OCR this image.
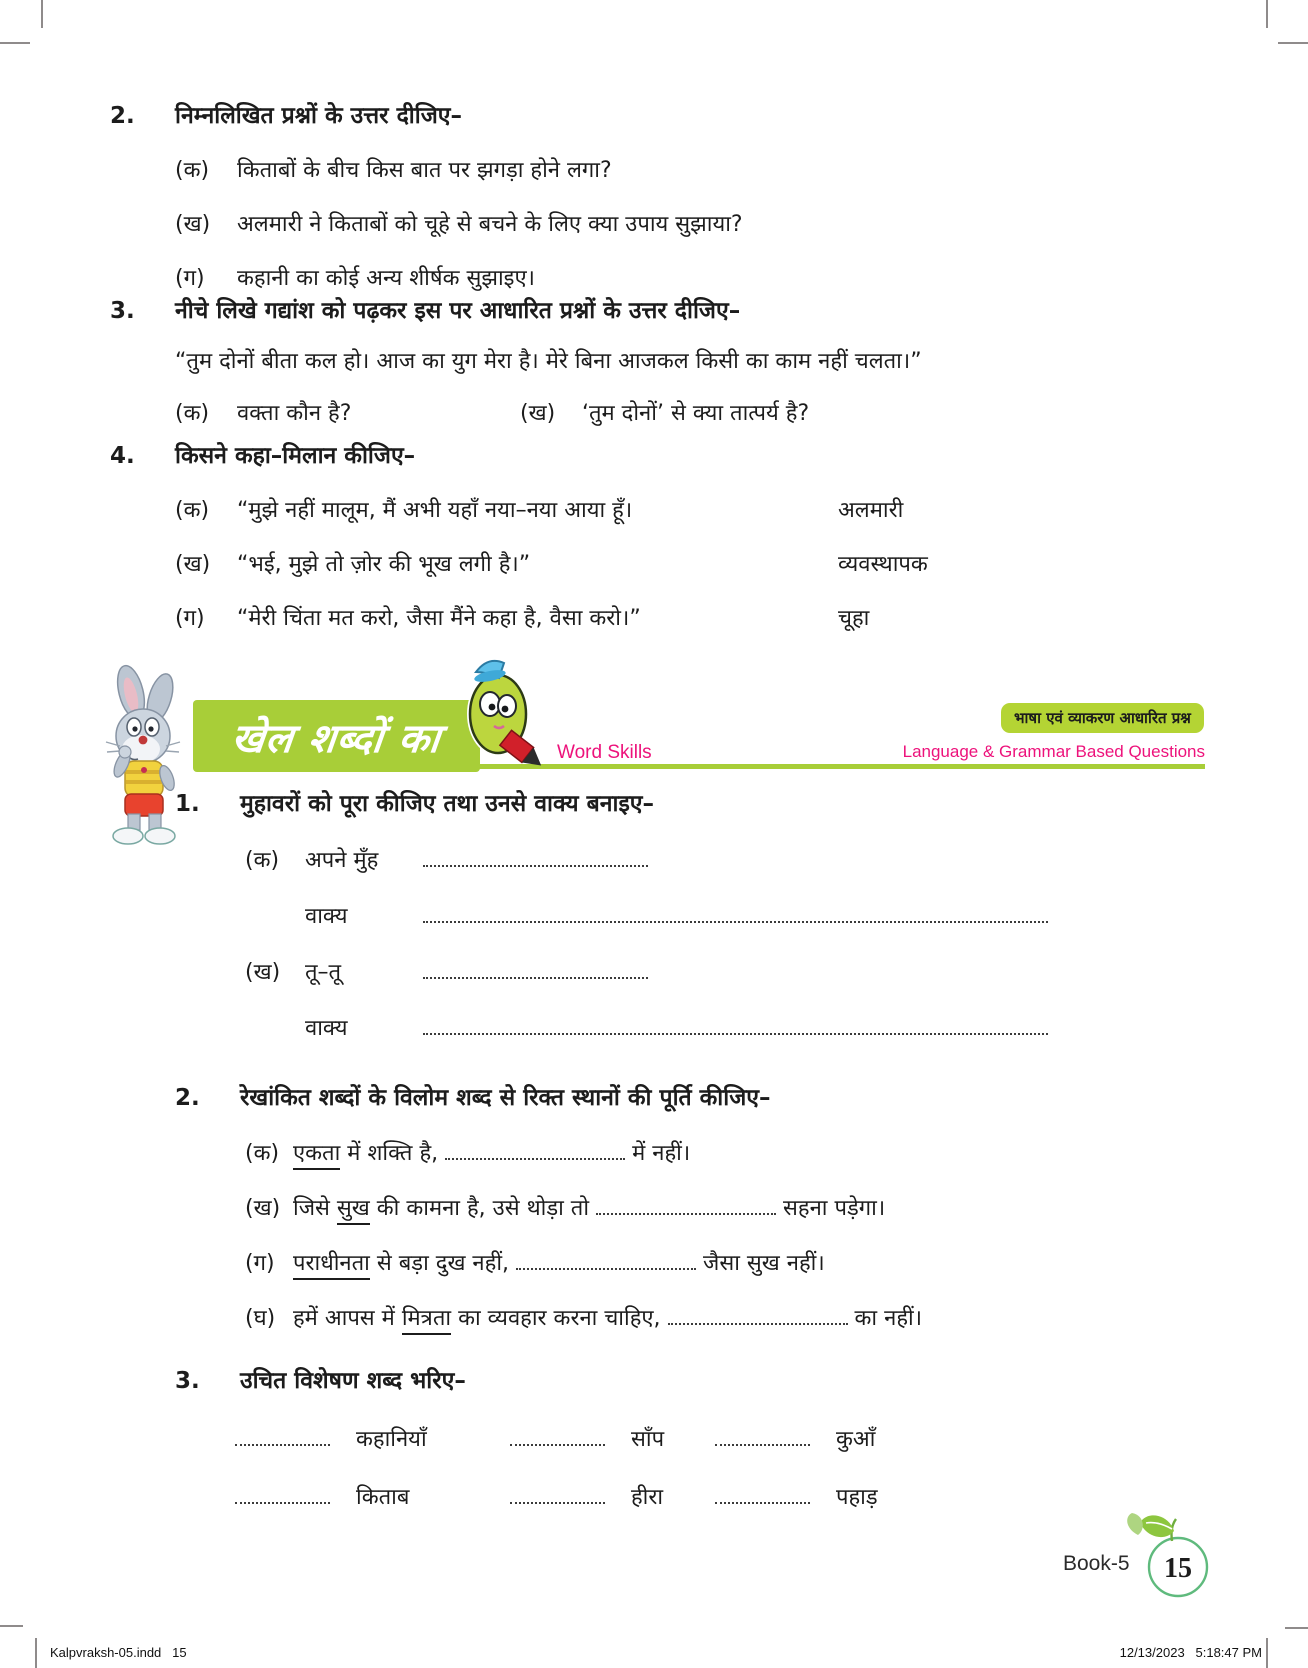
2.	निम्नलिखित प्रश्नों के उत्तर दीजिए–
(क)	किताबों के बीच किस बात पर झगड़ा होने लगा?
(ख)	अलमारी ने किताबों को चूहे से बचने के लिए क्या उपाय सुझाया?
(ग)	कहानी का कोई अन्य शीर्षक सुझाइए।
3.	नीचे लिखे गद्यांश को पढ़कर इस पर आधारित प्रश्नों के उत्तर दीजिए–
“तुम दोनों बीता कल हो। आज का युग मेरा है। मेरे बिना आजकल किसी का काम नहीं चलता।”
(क)	वक्ता कौन है?	(ख)	‘तुम दोनों’ से क्या तात्पर्य है?
4.	किसने कहा–मिलान कीजिए–
(क)	“मुझे नहीं मालूम, मैं अभी यहाँ नया–नया आया हूँ।	अलमारी
(ख)	“भई, मुझे तो ज़ोर की भूख लगी है।”	व्यवस्थापक
(ग)	“मेरी चिंता मत करो, जैसा मैंने कहा है, वैसा करो।”	चूहा
खेल शब्दों का	Word Skills
भाषा एवं व्याकरण आधारित प्रश्न
Language & Grammar Based Questions
1.	मुहावरों को पूरा कीजिए तथा उनसे वाक्य बनाइए–
(क)	अपने मुँह
वाक्य
(ख)	तू–तू
वाक्य
2.	रेखांकित शब्दों के विलोम शब्द से रिक्त स्थानों की पूर्ति कीजिए–
(क) एकता में शक्ति है,	में नहीं।
(ख) जिसे सुख की कामना है, उसे थोड़ा तो	सहना पड़ेगा।
(ग) पराधीनता से बड़ा दुख नहीं,	जैसा सुख नहीं।
(घ) हमें आपस में मित्रता का व्यवहार करना चाहिए,	का नहीं।
3.	उचित विशेषण शब्द भरिए–
कहानियाँ	साँप	कुआँ
किताब	हीरा	पहाड़
Book-5 15
Kalpvraksh-05.indd   15	12/13/2023   5:18:47 PM
